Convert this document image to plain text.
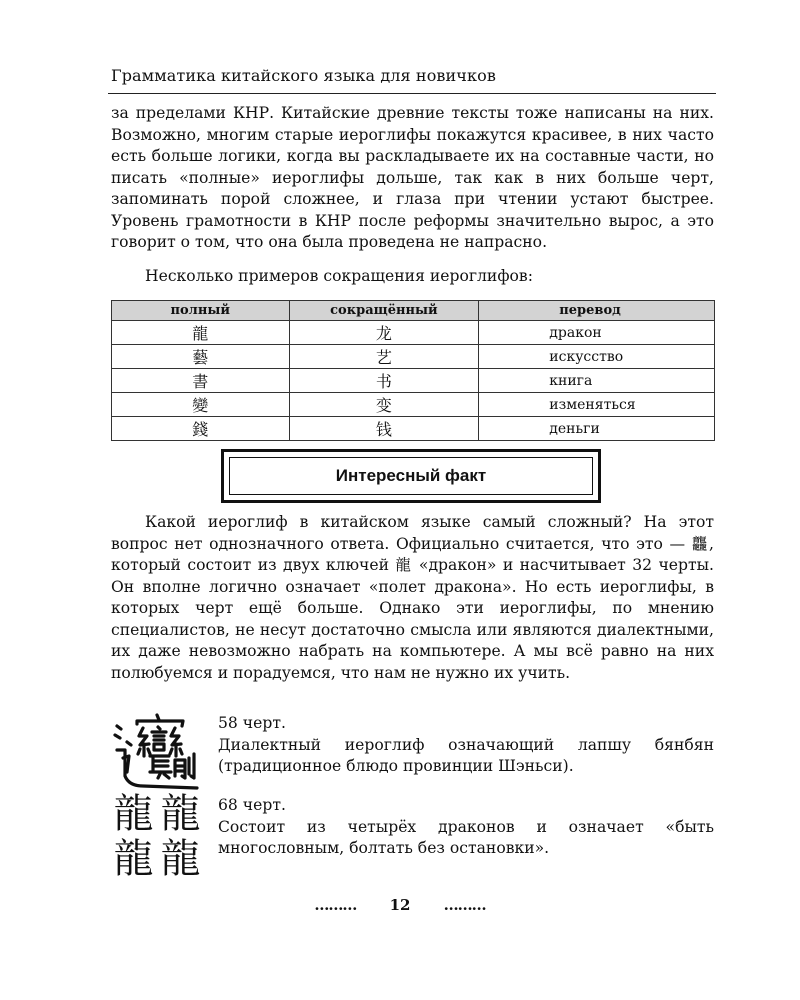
Грамматика китайского языка для новичков

за пределами КНР. Китайские древние тексты тоже написаны на них. Возможно, многим старые иероглифы покажутся красивее, в них часто есть больше логики, когда вы раскладываете их на составные части, но писать «полные» иероглифы дольше, так как в них больше черт, запоминать порой сложнее, и глаза при чтении устают быстрее. Уровень грамотности в КНР после реформы значительно вырос, а это говорит о том, что она была проведена не напрасно.

Несколько примеров сокращения иероглифов:

полный	сокращённый	перевод
龍	龙	дракон
藝	艺	искусство
書	书	книга
變	变	изменяться
錢	钱	деньги
Интересный факт

Какой иероглиф в китайском языке самый сложный? На этот вопрос нет однозначного ответа. Официально считается, что это — 龘, который состоит из двух ключей 龍 «дракон» и насчитывает 32 черты. Он вполне логично означает «полет дракона». Но есть иероглифы, в которых черт ещё больше. Однако эти иероглифы, по мнению специалистов, не несут достаточно смысла или являются диалектными, их даже невозможно набрать на компьютере. А мы всё равно на них полюбуемся и порадуемся, что нам не нужно их учить.

龍 龍
龍 龍

58 черт.

Диалектный иероглиф означающий лапшу бянбян (традиционное блюдо провинции Шэньси).

68 черт.

Состоит из четырёх драконов и означает «быть многословным, болтать без остановки».

……… 12 ………
